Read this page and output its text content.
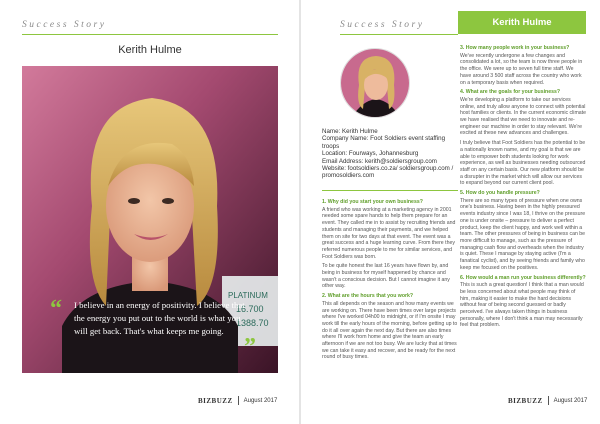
Success Story
Kerith Hulme
PLATINUM
16.700
1388.70
“ I believe in an energy of positivity. I believe that the energy you put out to the world is what you will get back. That's what keeps me going.
”
BIZBUZZ August 2017
Success Story	Kerith Hulme
Name: Kerith Hulme
Company Name: Foot Soldiers event staffing troops
Location: Fourways, Johannesburg
Email Address: kerith@soldiersgroup.com
Website: footsoldiers.co.za/ soldiersgroup.com / promosoldiers.com
1. Why did you start your own business?
A friend who was working at a marketing agency in 2001 needed some spare hands to help them prepare for an event. They called me in to assist by recruiting friends and students and managing their payments, and we helped them on site for two days at that event. The event was a great success and a huge learning curve. From there they referred numerous people to me for similar services, and Foot Soldiers was born.
To be quite honest the last 16 years have flown by, and being in business for myself happened by chance and wasn't a conscious decision. But I cannot imagine it any other way.
2. What are the hours that you work?
This all depends on the season and how many events we are working on. There have been times over large projects where I've worked 04h00 to midnight, or if I'm onsite I may work till the early hours of the morning, before getting up to do it all over again the next day. But there are also times where I'll work from home and give the team an early afternoon if we are not too busy. We are lucky that at times we can take it easy and recover, and be ready for the next round of busy times.
3. How many people work in your business?
We've recently undergone a few changes and consolidated a lot, so the team is now three people in the office. We were up to seven full time staff. We have around 3 500 staff across the country who work on a temporary basis when required.
4. What are the goals for your business?
We're developing a platform to take our services online, and truly allow anyone to connect with potential host families or clients. In the current economic climate we have realised that we need to innovate and re-engineer our machine in order to stay relevant. We're excited at these new advances and challenges.
I truly believe that Foot Soldiers has the potential to be a nationally known name, and my goal is that we are able to empower both students looking for work experience, as well as businesses needing outsourced staff on any certain basis. Our new platform should be a disrupter in the market which will allow our services to expand beyond our current client pool.
5. How do you handle pressure?
There are so many types of pressure when one owns one's business. Having been in the highly pressured events industry since I was 18, I thrive on the pressure one is under onsite – pressure to deliver a perfect product, keep the client happy, and work well within a team. The other pressures of being in business can be more difficult to manage, such as the pressure of managing cash flow and overheads when the industry is quiet. These I manage by staying active (I'm a fanatical cyclist), and by seeing friends and family who keep me focused on the positives.
6. How would a man run your business differently?
This is such a great question! I think that a man would be less concerned about what people may think of him, making it easier to make the hard decisions without fear of being second guessed or badly perceived. I've always taken things in business personally, where I don't think a man may necessarily feel that problem.
BIZBUZZ August 2017
